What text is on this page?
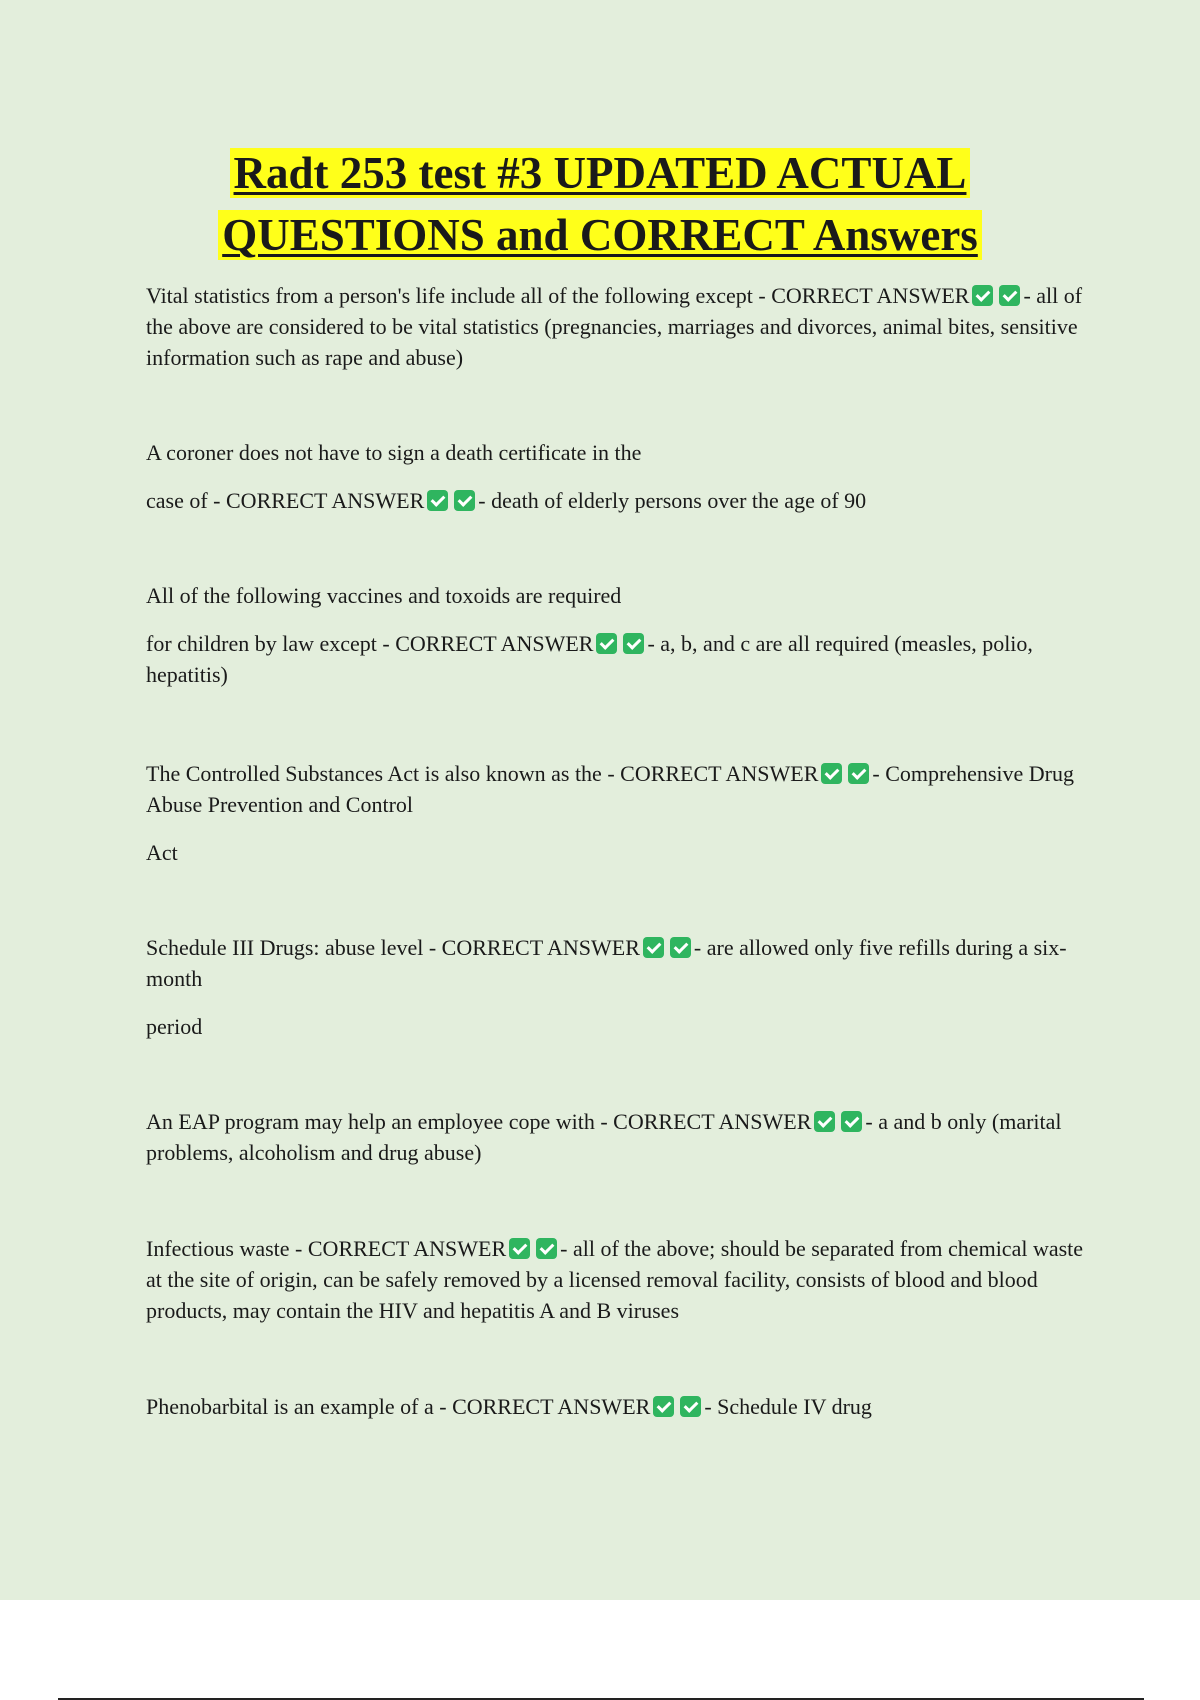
Radt 253 test #3 UPDATED ACTUAL
QUESTIONS and CORRECT Answers

Vital statistics from a person's life include all of the following except - CORRECT ANSWER - all of the above are considered to be vital statistics (pregnancies, marriages and divorces, animal bites, sensitive information such as rape and abuse)

A coroner does not have to sign a death certificate in the

case of - CORRECT ANSWER - death of elderly persons over the age of 90

All of the following vaccines and toxoids are required

for children by law except - CORRECT ANSWER - a, b, and c are all required (measles, polio, hepatitis)

The Controlled Substances Act is also known as the - CORRECT ANSWER - Comprehensive Drug Abuse Prevention and Control

Act

Schedule III Drugs: abuse level - CORRECT ANSWER - are allowed only five refills during a six-month

period

An EAP program may help an employee cope with - CORRECT ANSWER - a and b only (marital problems, alcoholism and drug abuse)

Infectious waste - CORRECT ANSWER - all of the above; should be separated from chemical waste at the site of origin, can be safely removed by a licensed removal facility, consists of blood and blood products, may contain the HIV and hepatitis A and B viruses

Phenobarbital is an example of a - CORRECT ANSWER - Schedule IV drug
